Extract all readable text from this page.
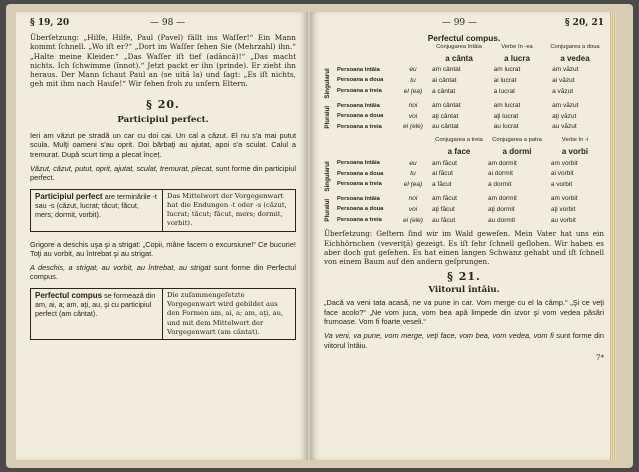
§ 19, 20	— 98 —
Überſetzung: „Hilfe, Hilfe, Paul (Pavel) fällt ins Waſſer!“ Ein Mann kommt ſchnell. „Wo iſt er?“ „Dort im Waſſer ſehen Sie (Mehrzahl) ihn.“ „Halte meine Kleider.“ „Das Waſſer iſt tief (adâncă)!“ „Das macht nichts. Ich ſchwimme (înnot).“ Jetzt packt er ihn (prinde). Er zieht ihn heraus. Der Mann ſchaut Paul an (se uită la) und ſagt: „Es iſt nichts, geh mit ihm nach Hauſe!“ Wir ſehen froh zu unſern Eltern.
§ 20.
Participiul perfect.

Ieri am văzut pe stradă un car cu doi cai. Un cal a căzut. El nu s'a mai putut scula. Mulţi oameni s'au oprit. Doi bărbaţi au ajutat, apoi s'a sculat. Calul a tremurat. După scurt timp a plecat înceț.

Văzut, căzut, putut, oprit, ajutat, sculat, tremurat, plecat, sunt forme din participiul perfect.

Participiul perfect are terminările -t sau -s (căzut, lucrat; tăcut; făcut, mers; dormit, vorbit).
Das Mittelwort der Vorgegenwart hat die Endungen -t oder -s (căzut, lucrat; tăcut; făcut, mers; dormit, vorbit).

Grigore a deschis uşa şi a strigat: „Copii, mâne facem o excursiune!“ Ce bucurie! Toţi au vorbit, au întrebat şi au strigat.

A deschis, a strigat, au vorbit, au întrebat, au strigat sunt forme din Perfectul compus.

Perfectul compus se formează din am, ai, a; am, aţi, au, şi cu participiul perfect (am cântat).
Die zuſammengeſetzte Vorgegenwart wird gebildet aus den Formen am, ai, a; am, aţi, au, und mit dem Mittelwort der Vorgegenwart (am cântat).
— 99 —	§ 20, 21
Perfectul compus.
Conjugarea întâia	Verbe în -ea	Conjugarea a doua
a cânta	a lucra	a vedea
Pluralul
Singularul	Persoana întâia	eu	am cântat	am lucrat	am văzut
Persoana a doua	tu	ai cântat	ai lucrat	ai văzut
Persoana a treia	el (ea)	a cântat	a lucrat	a văzut

Persoana întâia	noi	am cântat	am lucrat	am văzut
Persoana a doua	voi	aţi cântat	aţi lucrat	aţi văzut
Persoana a treia	ei (ele)	au cântat	au lucrat	au văzut
Conjugarea a treia	Conjugarea a patra	Verbe în -i
a face	a dormi	a vorbi
Pluralul
Singularul	Persoana întâia	eu	am făcut	am dormit	am vorbit
Persoana a doua	tu	ai făcut	ai dormit	ai vorbit
Persoana a treia	el (ea)	a făcut	a dormit	a vorbit

Persoana întâia	noi	am făcut	am dormit	am vorbit
Persoana a doua	voi	aţi făcut	aţi dormit	aţi vorbit
Persoana a treia	ei (ele)	au făcut	au dormit	au vorbit
Überſetzung: Geſtern ſind wir im Wald geweſen. Mein Vater hat uns ein Eichhörnchen (veveriţă) gezeigt. Es iſt ſehr ſchnell geſlohen. Wir haben es aber doch gut geſehen. Es hat einen langen Schwanz gehabt und iſt ſchnell von einem Baum auf den andern geſprungen.
§ 21.
Viitorul întâiu.

„Dacă va veni tata acasă, ne va pune in car. Vom merge cu el la câmp.“ „Şi ce veţi face acolo?“ „Ne vom juca, vom bea apă limpede din izvor şi vom vedea păsări frumoase. Vom fi foarte veseli.“

Va veni, va pune, vom merge, veţi face, vom bea, vom vedea, vom fi sunt forme din viitorul întâiu.

7*
